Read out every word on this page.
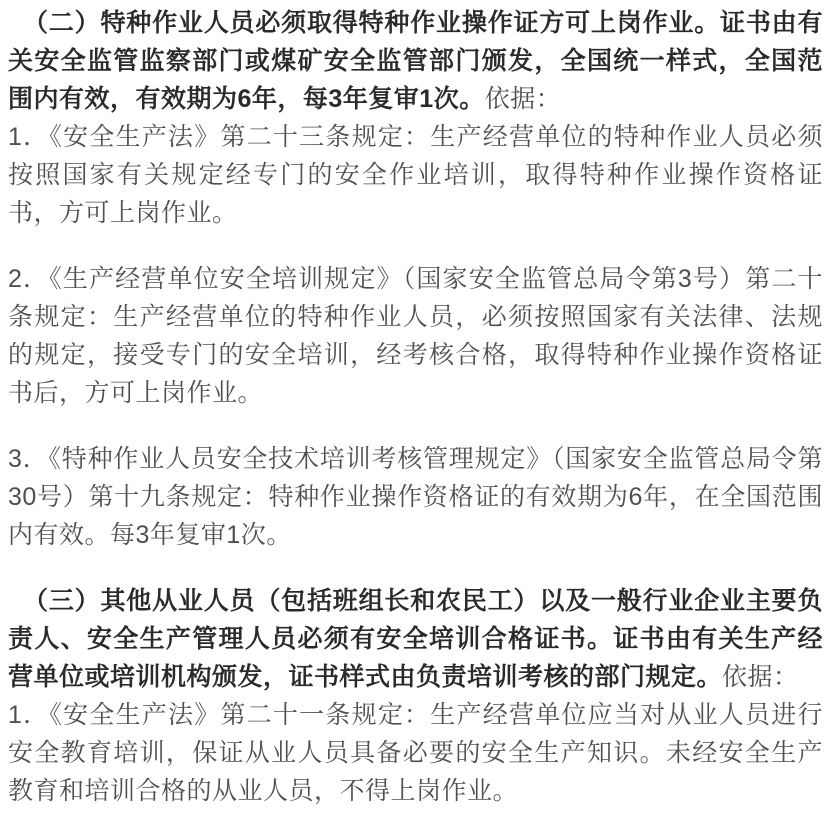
（二）特种作业人员必须取得特种作业操作证方可上岗作业。证书由有关安全监管监察部门或煤矿安全监管部门颁发，全国统一样式，全国范围内有效，有效期为6年，每3年复审1次。依据：

1．《安全生产法》第二十三条规定：生产经营单位的特种作业人员必须按照国家有关规定经专门的安全作业培训，取得特种作业操作资格证书，方可上岗作业。

2．《生产经营单位安全培训规定》（国家安全监管总局令第3号）第二十条规定：生产经营单位的特种作业人员，必须按照国家有关法律、法规的规定，接受专门的安全培训，经考核合格，取得特种作业操作资格证书后，方可上岗作业。

3．《特种作业人员安全技术培训考核管理规定》（国家安全监管总局令第30号）第十九条规定：特种作业操作资格证的有效期为6年，在全国范围内有效。每3年复审1次。

（三）其他从业人员（包括班组长和农民工）以及一般行业企业主要负责人、安全生产管理人员必须有安全培训合格证书。证书由有关生产经营单位或培训机构颁发，证书样式由负责培训考核的部门规定。依据：

1．《安全生产法》第二十一条规定：生产经营单位应当对从业人员进行安全教育培训，保证从业人员具备必要的安全生产知识。未经安全生产教育和培训合格的从业人员，不得上岗作业。
